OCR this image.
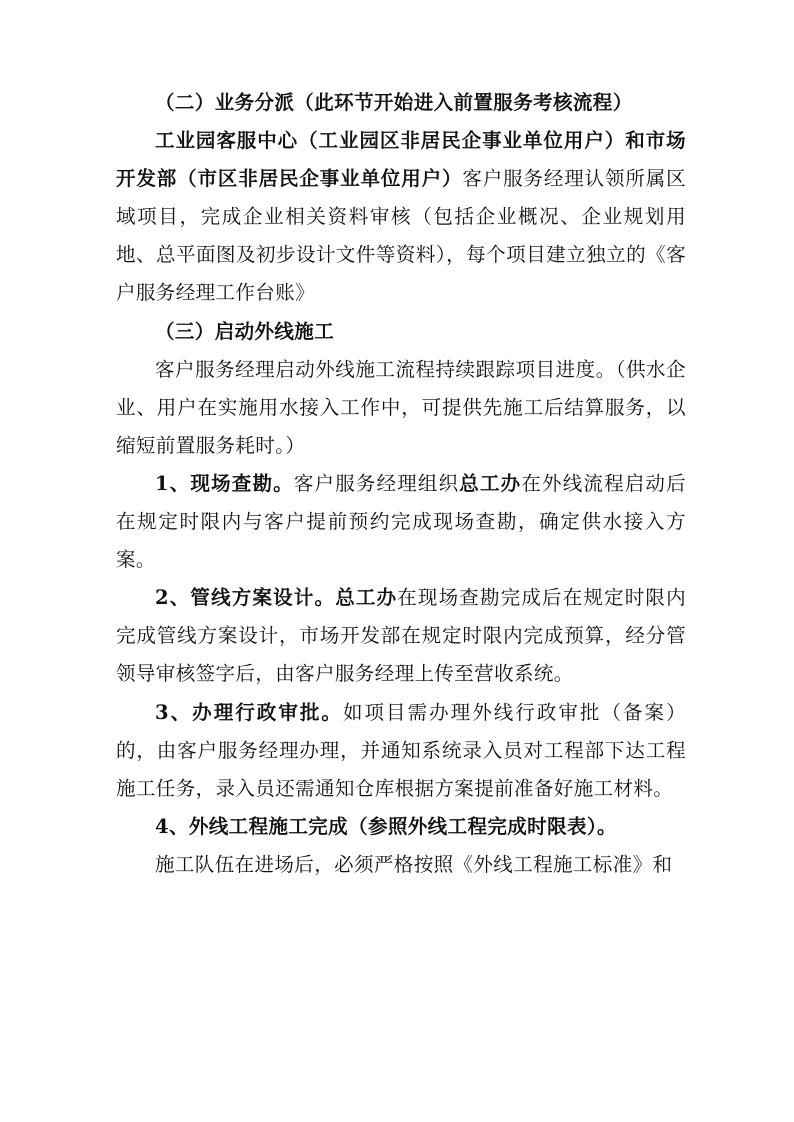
（二）业务分派（此环节开始进入前置服务考核流程）

工业园客服中心（工业园区非居民企事业单位用户）和市场开发部（市区非居民企事业单位用户）客户服务经理认领所属区域项目，完成企业相关资料审核（包括企业概况、企业规划用地、总平面图及初步设计文件等资料），每个项目建立独立的《客户服务经理工作台账》

（三）启动外线施工

客户服务经理启动外线施工流程持续跟踪项目进度。（供水企业、用户在实施用水接入工作中，可提供先施工后结算服务，以缩短前置服务耗时。）

1、现场查勘。客户服务经理组织总工办在外线流程启动后在规定时限内与客户提前预约完成现场查勘，确定供水接入方案。

2、管线方案设计。总工办在现场查勘完成后在规定时限内完成管线方案设计，市场开发部在规定时限内完成预算，经分管领导审核签字后，由客户服务经理上传至营收系统。

3、办理行政审批。如项目需办理外线行政审批（备案）的，由客户服务经理办理，并通知系统录入员对工程部下达工程施工任务，录入员还需通知仓库根据方案提前准备好施工材料。

4、外线工程施工完成（参照外线工程完成时限表）。

施工队伍在进场后，必须严格按照《外线工程施工标准》和
